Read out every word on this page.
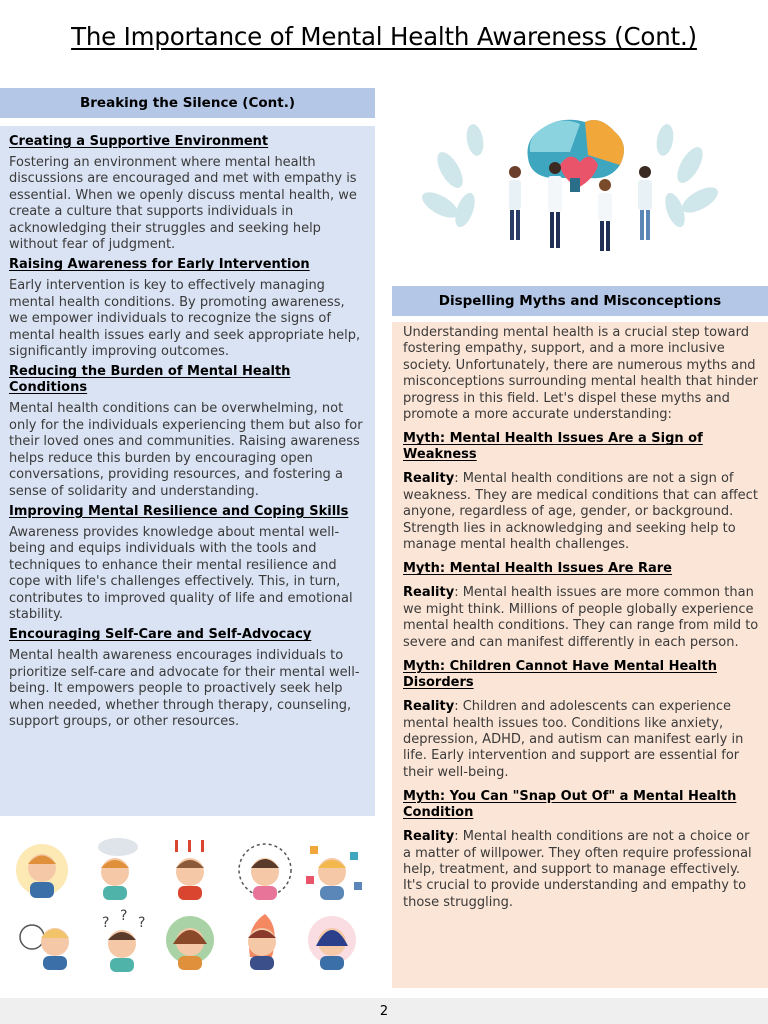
The Importance of Mental Health Awareness (Cont.)
Breaking the Silence (Cont.)
Creating a Supportive Environment
Fostering an environment where mental health discussions are encouraged and met with empathy is essential. When we openly discuss mental health, we create a culture that supports individuals in acknowledging their struggles and seeking help without fear of judgment.
Raising Awareness for Early Intervention
Early intervention is key to effectively managing mental health conditions. By promoting awareness, we empower individuals to recognize the signs of mental health issues early and seek appropriate help, significantly improving outcomes.
Reducing the Burden of Mental Health Conditions
Mental health conditions can be overwhelming, not only for the individuals experiencing them but also for their loved ones and communities. Raising awareness helps reduce this burden by encouraging open conversations, providing resources, and fostering a sense of solidarity and understanding.
Improving Mental Resilience and Coping Skills
Awareness provides knowledge about mental well-being and equips individuals with the tools and techniques to enhance their mental resilience and cope with life's challenges effectively. This, in turn, contributes to improved quality of life and emotional stability.
Encouraging Self-Care and Self-Advocacy
Mental health awareness encourages individuals to prioritize self-care and advocate for their mental well-being. It empowers people to proactively seek help when needed, whether through therapy, counseling, support groups, or other resources.
Dispelling Myths and Misconceptions
Understanding mental health is a crucial step toward fostering empathy, support, and a more inclusive society. Unfortunately, there are numerous myths and misconceptions surrounding mental health that hinder progress in this field. Let's dispel these myths and promote a more accurate understanding:
Myth: Mental Health Issues Are a Sign of Weakness
Reality: Mental health conditions are not a sign of weakness. They are medical conditions that can affect anyone, regardless of age, gender, or background. Strength lies in acknowledging and seeking help to manage mental health challenges.
Myth: Mental Health Issues Are Rare
Reality: Mental health issues are more common than we might think. Millions of people globally experience mental health conditions. They can range from mild to severe and can manifest differently in each person.
Myth: Children Cannot Have Mental Health Disorders
Reality: Children and adolescents can experience mental health issues too. Conditions like anxiety, depression, ADHD, and autism can manifest early in life. Early intervention and support are essential for their well-being.
Myth: You Can "Snap Out Of" a Mental Health Condition
Reality: Mental health conditions are not a choice or a matter of willpower. They often require professional help, treatment, and support to manage effectively. It's crucial to provide understanding and empathy to those struggling.
? ? ?
2
